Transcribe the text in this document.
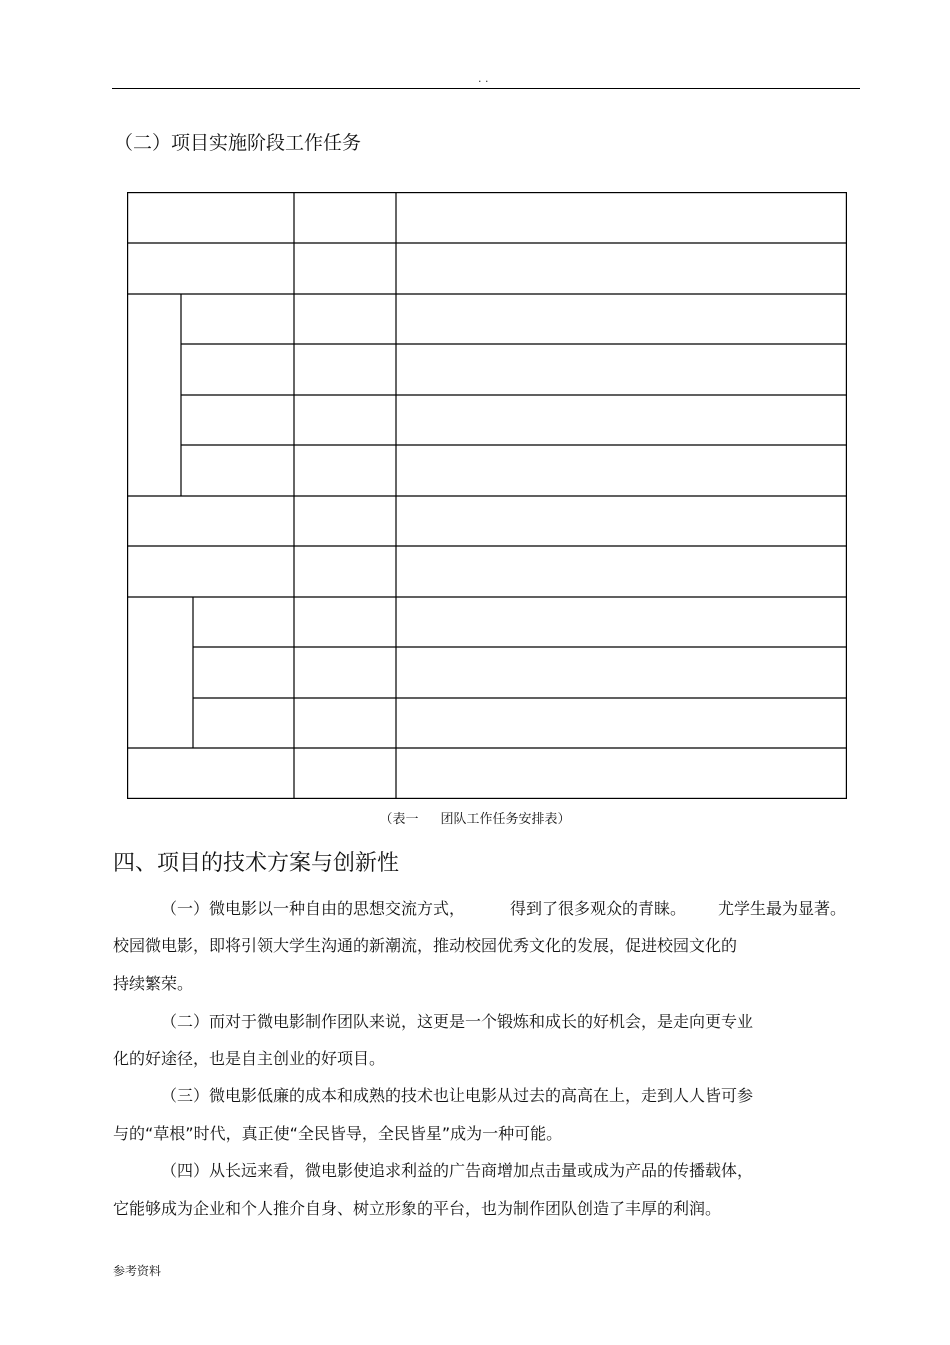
. .
（二）项目实施阶段工作任务
（表一 团队工作任务安排表）
四、项目的技术方案与创新性
（一）微电影以一种自由的思想交流方式，	得到了很多观众的青睐。 尤学生最为显著。
校园微电影，即将引领大学生沟通的新潮流，推动校园优秀文化的发展，促进校园文化的
持续繁荣。
（二）而对于微电影制作团队来说，这更是一个锻炼和成长的好机会，是走向更专业
化的好途径，也是自主创业的好项目。
（三）微电影低廉的成本和成熟的技术也让电影从过去的高高在上，走到人人皆可参
与的“草根”时代，真正使“全民皆导，全民皆星”成为一种可能。
（四）从长远来看，微电影使追求利益的广告商增加点击量或成为产品的传播载体，
它能够成为企业和个人推介自身、树立形象的平台，也为制作团队创造了丰厚的利润。
参考资料
